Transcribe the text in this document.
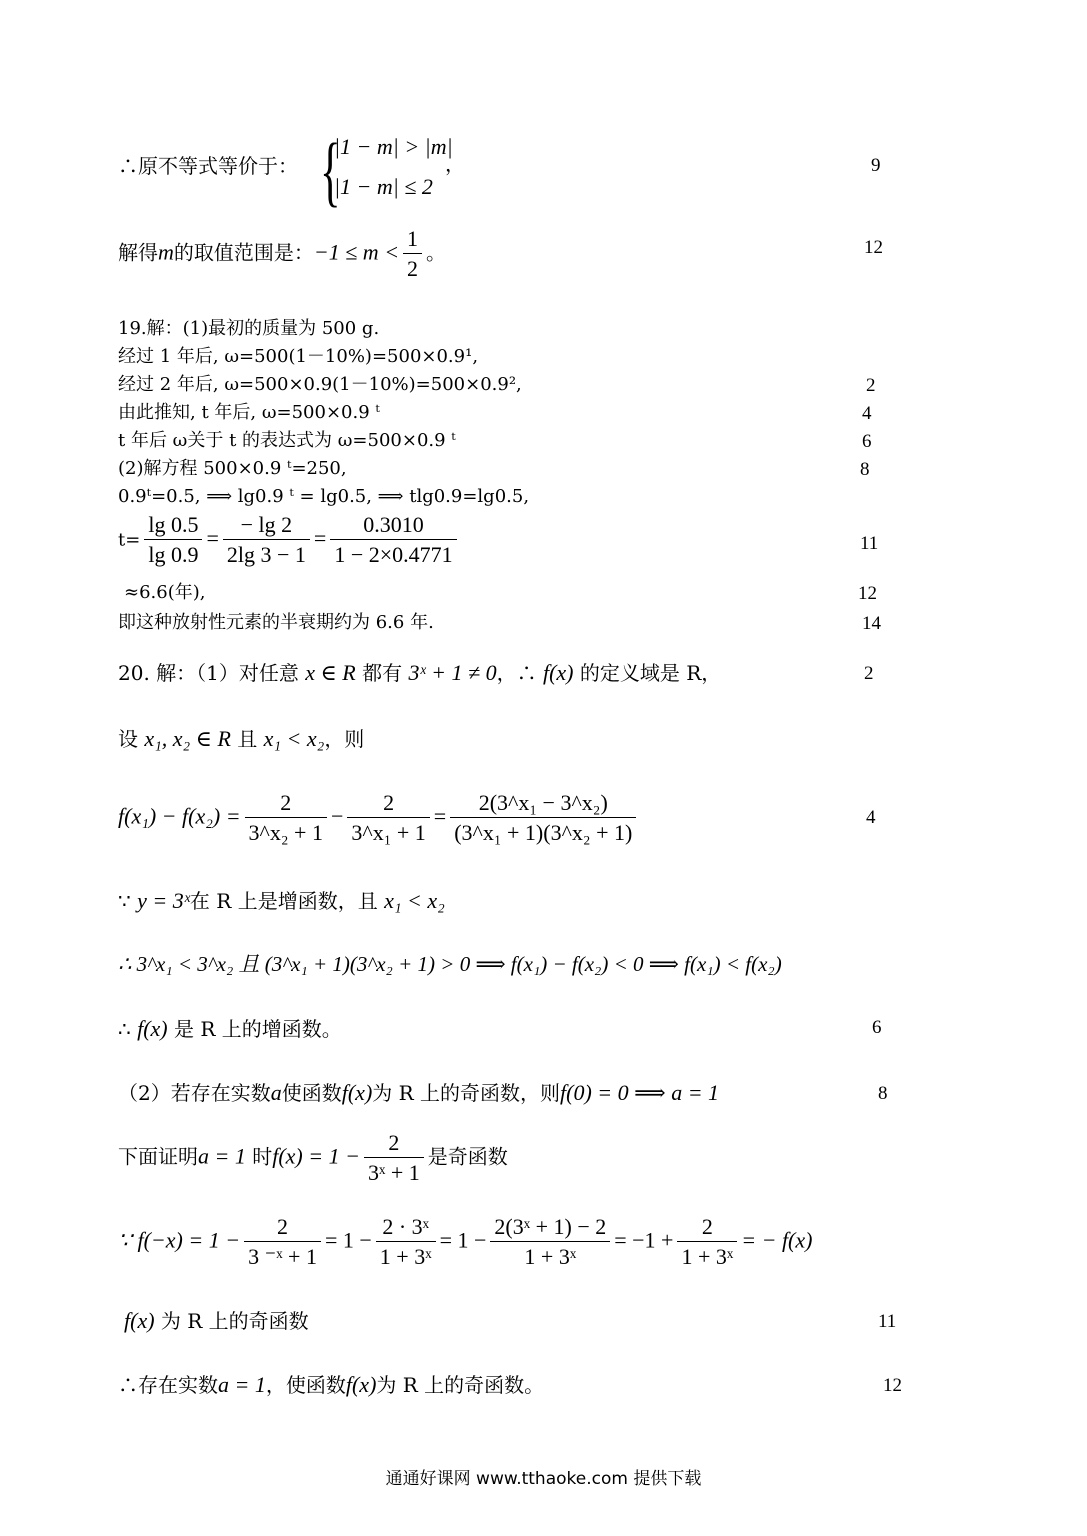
∴原不等式等价于： {
|1 − m| > |m|
|1 − m| ≤ 2
，
解得m的取值范围是：$-1 \le m < \frac{1}{2}$ 。
19.解：(1)最初的质量为 500 g.
经过 1 年后, ω=500(1－10%)=500×0.9¹,
经过 2 年后, ω=500×0.9(1－10%)=500×0.9²,
由此推知, t 年后, ω=500×0.9 ᵗ
t 年后 ω关于 t 的表达式为 ω=500×0.9 ᵗ
(2)解方程 500×0.9 ᵗ=250,
0.9ᵗ=0.5, ⟹ lg0.9 ᵗ = lg0.5, ⟹ tlg0.9=lg0.5,
$t= \frac{\lg 0.5}{\lg 0.9} = \frac{- \lg 2}{2\lg 3 - 1} = \frac{0.3010}{1 - 2\times 0.4771}$
≈6.6(年),
即这种放射性元素的半衰期约为 6.6 年.
20. 解：（1）对任意 x ∈ R 都有 3ˣ + 1 ≠ 0，∴ f(x) 的定义域是 R，
设 x₁, x₂ ∈ R 且 x₁ < x₂，则
$f(x_1) - f(x_2) = \frac{2}{\text{3\textasciicircum{}x₂ + 1}} - \frac{2}{\text{3\textasciicircum{}x₁ + 1}} = \frac{\text{2(3\textasciicircum{}x₁ − 3\textasciicircum{}x₂)}}{\text{(3\textasciicircum{}x₁ + 1)(3\textasciicircum{}x₂ + 1)}}$
∵ y = 3ˣ在 R 上是增函数，且 x₁ < x₂
∴ 3^x₁ < 3^x₂ 且 (3^x₁ + 1)(3^x₂ + 1) > 0 ⟹ f(x₁) − f(x₂) < 0 ⟹ f(x₁) < f(x₂)
∴ f(x) 是 R 上的增函数。
（2）若存在实数a使函数f(x)为 R 上的奇函数，则f(0) = 0 ⟹ a = 1
下面证明a = 1 时$f(x) = 1 - \frac{2}{\text{3ˣ + 1}}$ 是奇函数
∵ $f(-x) = 1 - \frac{2}{\text{3 ⁻ˣ + 1}} = 1 - \frac{\text{2 · 3ˣ}}{\text{1 + 3ˣ}} = 1 - \frac{\text{2(3ˣ + 1) − 2}}{\text{1 + 3ˣ}} = -1 + \frac{2}{\text{1 + 3ˣ}}$ = − f(x)
f(x) 为 R 上的奇函数
∴存在实数a = 1，使函数f(x)为 R 上的奇函数。
9
12
2
4
6
8
11
12
14
2
4
6
8
11
12
通通好课网 www.tthaoke.com 提供下载
